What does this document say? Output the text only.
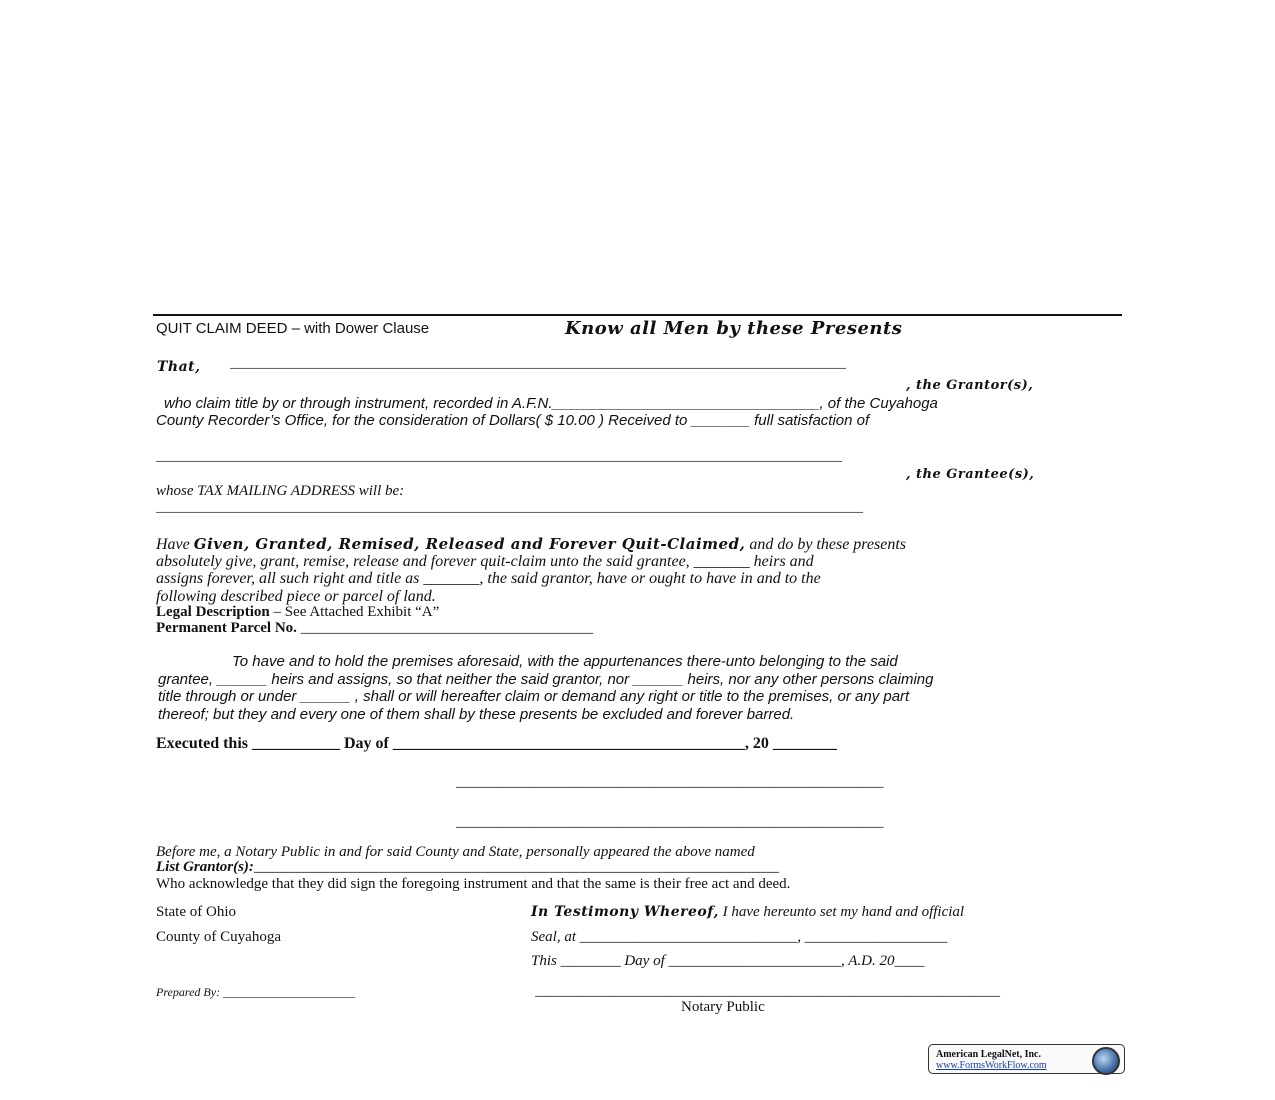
QUIT CLAIM DEED – with Dower Clause	Know all Men by these Presents
That, ________________________________________________________________________________________
, the Grantor(s),
who claim title by or through instrument, recorded in A.F.N.________________________________, of the Cuyahoga
County Recorder’s Office, for the consideration of Dollars( $ 10.00 ) Received to _______ full satisfaction of
__________________________________________________________________________________________________
, the Grantee(s),
whose TAX MAILING ADDRESS will be:
_____________________________________________________________________________________________________
Have Given, Granted, Remised, Released and Forever Quit-Claimed, and do by these presents
absolutely give, grant, remise, release and forever quit-claim unto the said grantee, _______ heirs and
assigns forever, all such right and title as _______, the said grantor, have or ought to have in and to the
following described piece or parcel of land.
Legal Description – See Attached Exhibit “A”
Permanent Parcel No. _______________________________________
To have and to hold the premises aforesaid, with the appurtenances there-unto belonging to the said
grantee, ______ heirs and assigns, so that neither the said grantor, nor ______ heirs, nor any other persons claiming
title through or under ______ , shall or will hereafter claim or demand any right or title to the premises, or any part
thereof; but they and every one of them shall by these presents be excluded and forever barred.
Executed this ___________ Day of ____________________________________________, 20 ________
_________________________________________________________
_________________________________________________________
Before me, a Notary Public in and for said County and State, personally appeared the above named
List Grantor(s):______________________________________________________________________
Who acknowledge that they did sign the foregoing instrument and that the same is their free act and deed.
State of Ohio
County of Cuyahoga
In Testimony Whereof, I have hereunto set my hand and official
Seal, at _____________________________, ___________________
This ________ Day of _______________________, A.D. 20____
Prepared By: ______________________	______________________________________________________________
Notary Public
American LegalNet, Inc.
www.FormsWorkFlow.com
